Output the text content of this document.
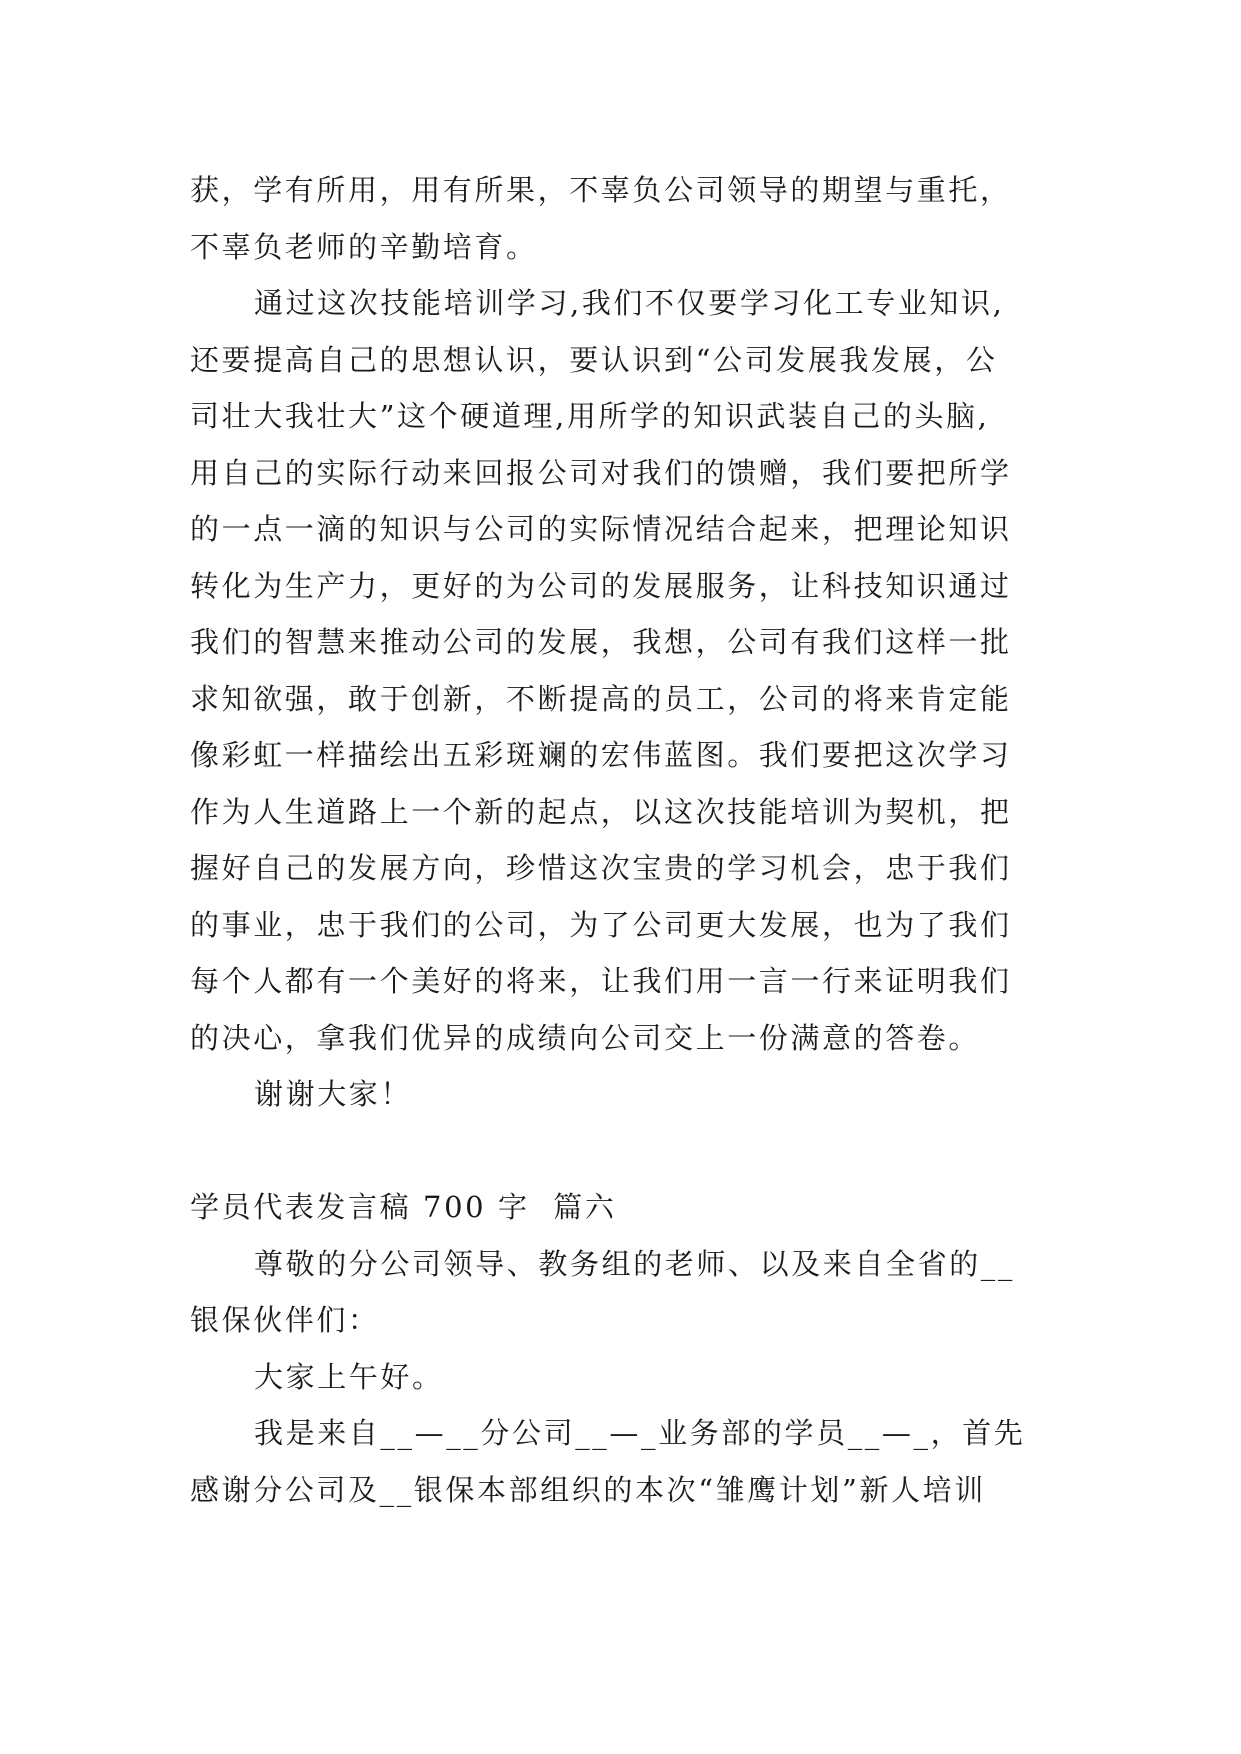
获，学有所用，用有所果，不辜负公司领导的期望与重托，
不辜负老师的辛勤培育。
通过这次技能培训学习,我们不仅要学习化工专业知识,
还要提高自己的思想认识，要认识到“公司发展我发展，公
司壮大我壮大”这个硬道理,用所学的知识武装自己的头脑,
用自己的实际行动来回报公司对我们的馈赠，我们要把所学
的一点一滴的知识与公司的实际情况结合起来，把理论知识
转化为生产力，更好的为公司的发展服务，让科技知识通过
我们的智慧来推动公司的发展，我想，公司有我们这样一批
求知欲强，敢于创新，不断提高的员工，公司的将来肯定能
像彩虹一样描绘出五彩斑斓的宏伟蓝图。我们要把这次学习
作为人生道路上一个新的起点，以这次技能培训为契机，把
握好自己的发展方向，珍惜这次宝贵的学习机会，忠于我们
的事业，忠于我们的公司，为了公司更大发展，也为了我们
每个人都有一个美好的将来，让我们用一言一行来证明我们
的决心，拿我们优异的成绩向公司交上一份满意的答卷。
谢谢大家！
学员代表发言稿 700 字  篇六
尊敬的分公司领导、教务组的老师、以及来自全省的__
银保伙伴们：
大家上午好。
我是来自__—__分公司__—_业务部的学员__—_，首先
感谢分公司及__银保本部组织的本次“雏鹰计划”新人培训
